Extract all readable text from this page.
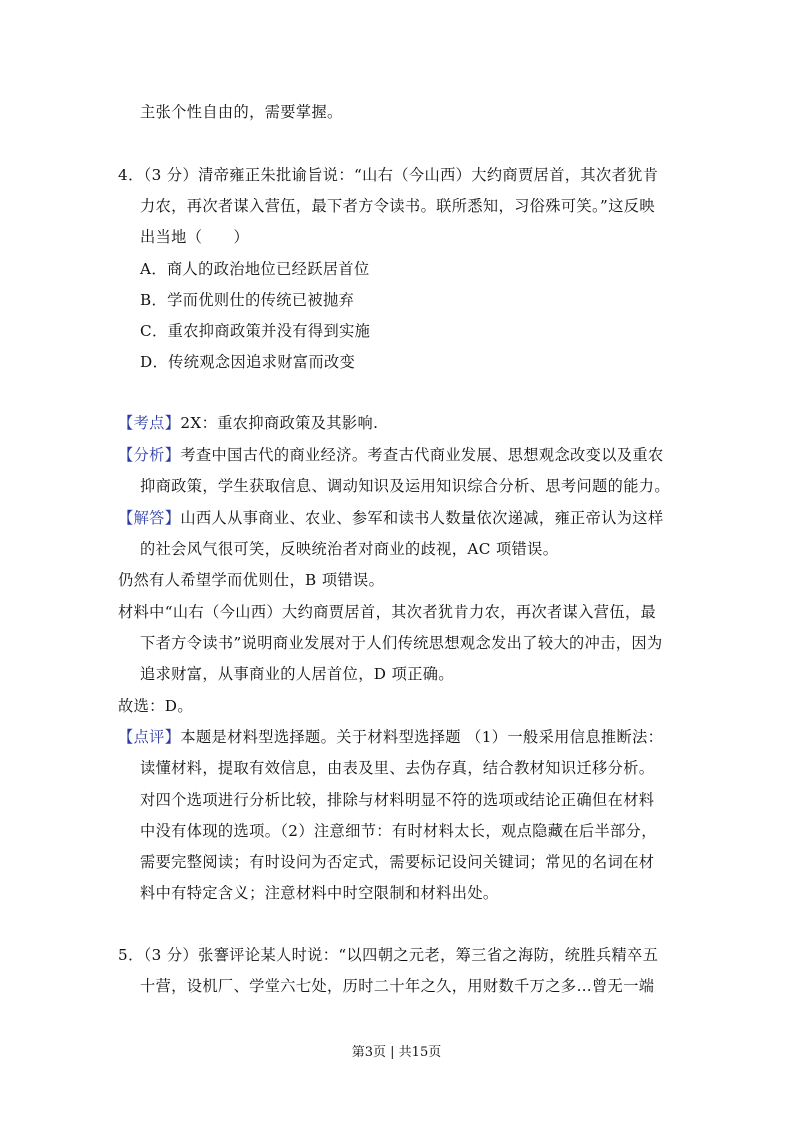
主张个性自由的，需要掌握。
4．（3 分）清帝雍正朱批谕旨说：“山右（今山西）大约商贾居首，其次者犹肯
力农，再次者谋入营伍，最下者方令读书。联所悉知，习俗殊可笑。”这反映
出当地（　　）
A．商人的政治地位已经跃居首位
B．学而优则仕的传统已被抛弃
C．重农抑商政策并没有得到实施
D．传统观念因追求财富而改变
【考点】2X：重农抑商政策及其影响.
【分析】考查中国古代的商业经济。考查古代商业发展、思想观念改变以及重农
抑商政策，学生获取信息、调动知识及运用知识综合分析、思考问题的能力。
【解答】山西人从事商业、农业、参军和读书人数量依次递减，雍正帝认为这样
的社会风气很可笑，反映统治者对商业的歧视，AC 项错误。
仍然有人希望学而优则仕，B 项错误。
材料中“山右（今山西）大约商贾居首，其次者犹肯力农，再次者谋入营伍，最
下者方令读书”说明商业发展对于人们传统思想观念发出了较大的冲击，因为
追求财富，从事商业的人居首位，D 项正确。
故选：D。
【点评】本题是材料型选择题。关于材料型选择题 （1）一般采用信息推断法：
读懂材料，提取有效信息，由表及里、去伪存真，结合教材知识迁移分析。
对四个选项进行分析比较，排除与材料明显不符的选项或结论正确但在材料
中没有体现的选项。（2）注意细节：有时材料太长，观点隐藏在后半部分，
需要完整阅读；有时设问为否定式，需要标记设问关键词；常见的名词在材
料中有特定含义；注意材料中时空限制和材料出处。
5．（3 分）张謇评论某人时说：“以四朝之元老，筹三省之海防，统胜兵精卒五
十营，设机厂、学堂六七处，历时二十年之久，用财数千万之多…曾无一端
第3页 | 共15页
